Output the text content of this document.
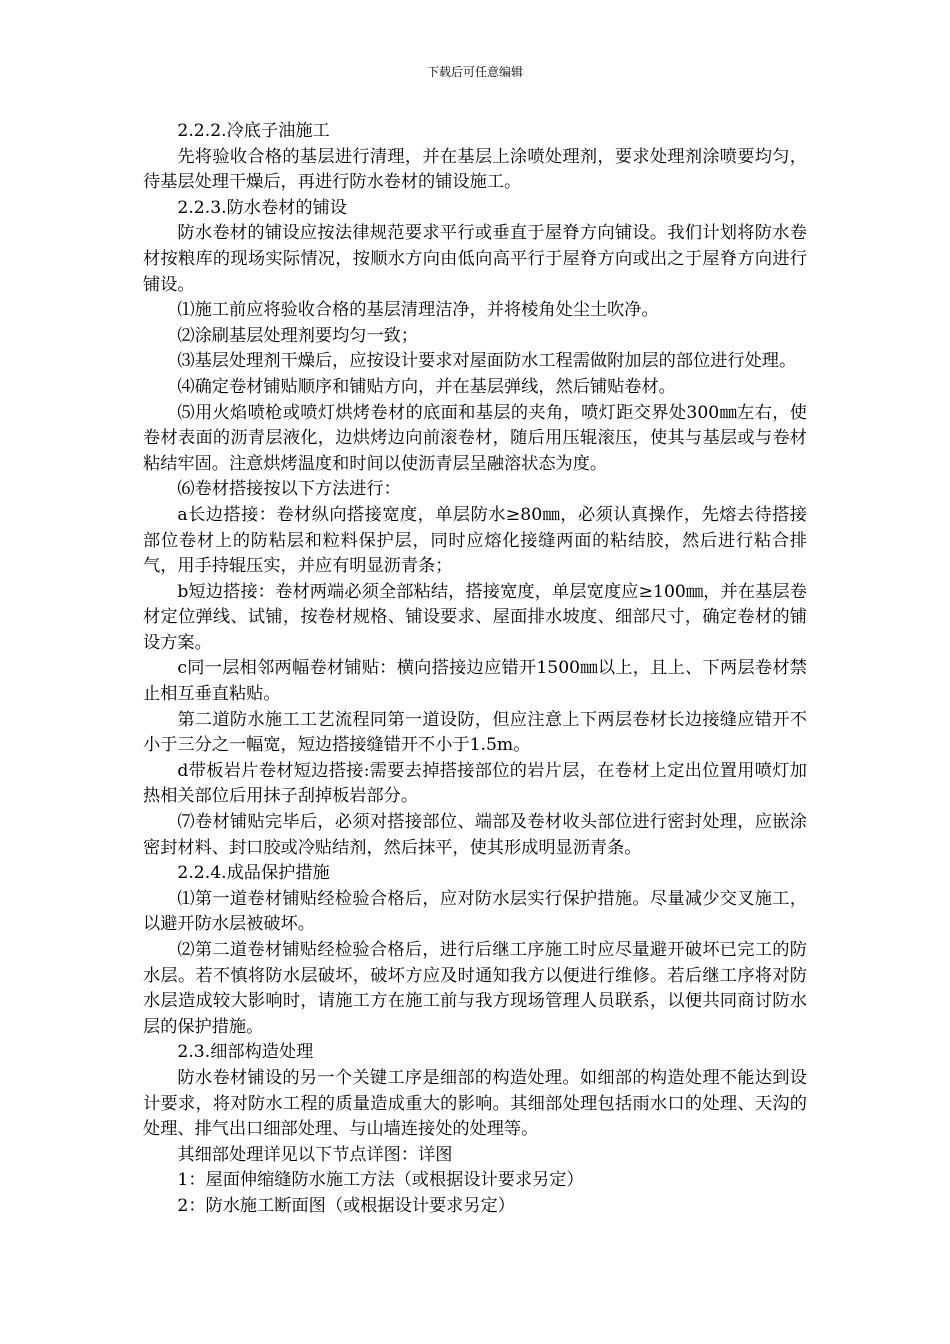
下载后可任意编辑

2.2.2.冷底子油施工

先将验收合格的基层进行清理，并在基层上涂喷处理剂，要求处理剂涂喷要均匀，待基层处理干燥后，再进行防水卷材的铺设施工。

2.2.3.防水卷材的铺设

防水卷材的铺设应按法律规范要求平行或垂直于屋脊方向铺设。我们计划将防水卷材按粮库的现场实际情况，按顺水方向由低向高平行于屋脊方向或出之于屋脊方向进行铺设。

⑴施工前应将验收合格的基层清理洁净，并将棱角处尘土吹净。

⑵涂刷基层处理剂要均匀一致；

⑶基层处理剂干燥后，应按设计要求对屋面防水工程需做附加层的部位进行处理。

⑷确定卷材铺贴顺序和铺贴方向，并在基层弹线，然后铺贴卷材。

⑸用火焰喷枪或喷灯烘烤卷材的底面和基层的夹角，喷灯距交界处300㎜左右，使卷材表面的沥青层液化，边烘烤边向前滚卷材，随后用压辊滚压，使其与基层或与卷材粘结牢固。注意烘烤温度和时间以使沥青层呈融溶状态为度。

⑹卷材搭接按以下方法进行：

a长边搭接：卷材纵向搭接宽度，单层防水≥80㎜，必须认真操作，先熔去待搭接部位卷材上的防粘层和粒料保护层，同时应熔化接缝两面的粘结胶，然后进行粘合排气，用手持辊压实，并应有明显沥青条；

b短边搭接：卷材两端必须全部粘结，搭接宽度，单层宽度应≥100㎜，并在基层卷材定位弹线、试铺，按卷材规格、铺设要求、屋面排水坡度、细部尺寸，确定卷材的铺设方案。

c同一层相邻两幅卷材铺贴：横向搭接边应错开1500㎜以上，且上、下两层卷材禁止相互垂直粘贴。

第二道防水施工工艺流程同第一道设防，但应注意上下两层卷材长边接缝应错开不小于三分之一幅宽，短边搭接缝错开不小于1.5m。

d带板岩片卷材短边搭接:需要去掉搭接部位的岩片层，在卷材上定出位置用喷灯加热相关部位后用抹子刮掉板岩部分。

⑺卷材铺贴完毕后，必须对搭接部位、端部及卷材收头部位进行密封处理，应嵌涂密封材料、封口胶或冷贴结剂，然后抹平，使其形成明显沥青条。

2.2.4.成品保护措施

⑴第一道卷材铺贴经检验合格后，应对防水层实行保护措施。尽量减少交叉施工，以避开防水层被破坏。

⑵第二道卷材铺贴经检验合格后，进行后继工序施工时应尽量避开破坏已完工的防水层。若不慎将防水层破坏，破坏方应及时通知我方以便进行维修。若后继工序将对防水层造成较大影响时，请施工方在施工前与我方现场管理人员联系，以便共同商讨防水层的保护措施。

2.3.细部构造处理

防水卷材铺设的另一个关键工序是细部的构造处理。如细部的构造处理不能达到设计要求，将对防水工程的质量造成重大的影响。其细部处理包括雨水口的处理、天沟的处理、排气出口细部处理、与山墙连接处的处理等。

其细部处理详见以下节点详图：详图

1：屋面伸缩缝防水施工方法（或根据设计要求另定）

2：防水施工断面图（或根据设计要求另定）
